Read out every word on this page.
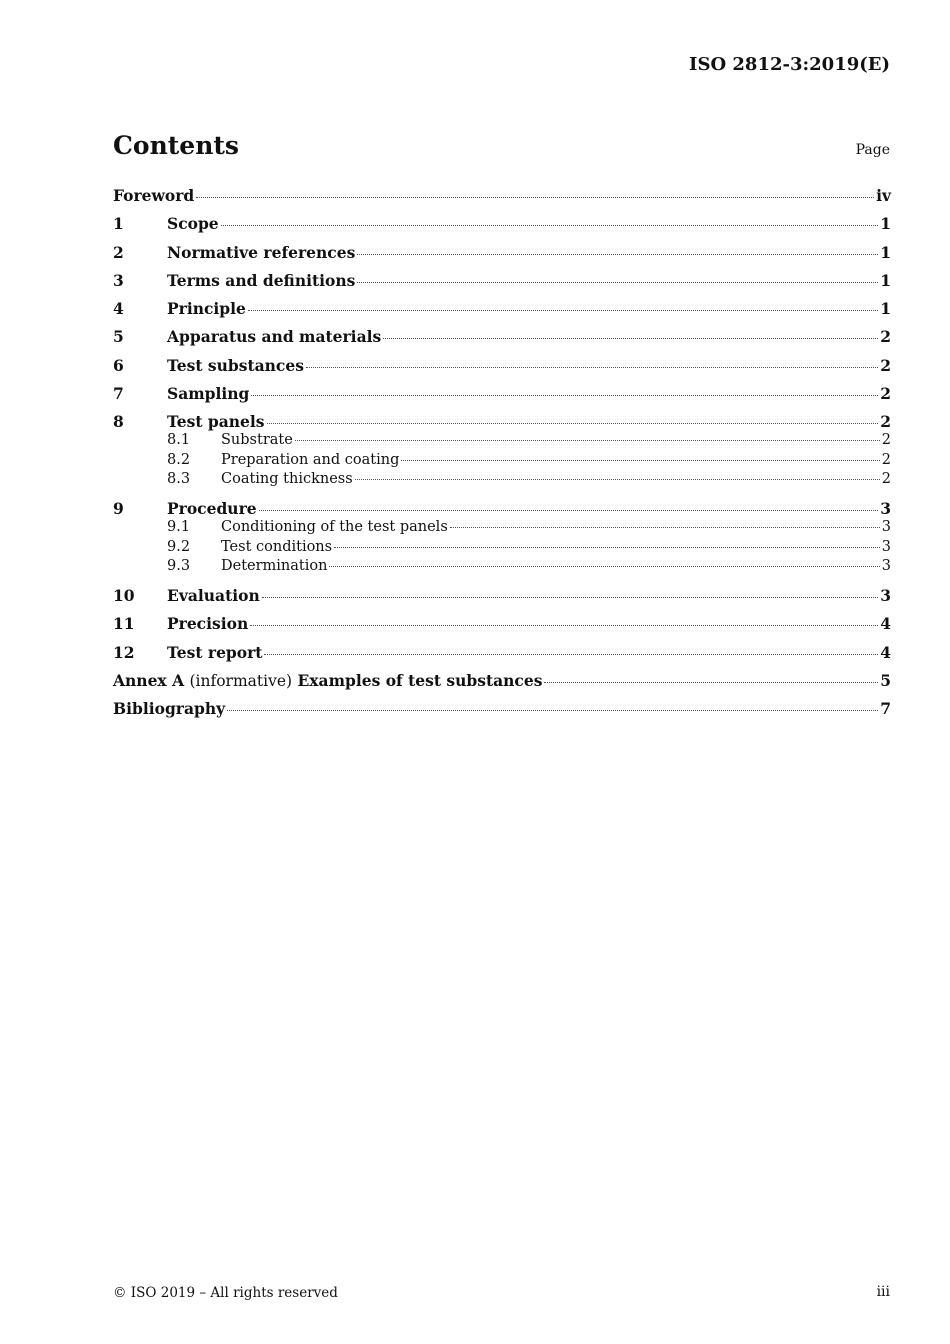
ISO 2812-3:2019(E)
Contents	Page
Foreword	iv
1	Scope	1
2	Normative references	1
3	Terms and definitions	1
4	Principle	1
5	Apparatus and materials	2
6	Test substances	2
7	Sampling	2
8	Test panels	2
8.1	Substrate	2
8.2	Preparation and coating	2
8.3	Coating thickness	2
9	Procedure	3
9.1	Conditioning of the test panels	3
9.2	Test conditions	3
9.3	Determination	3
10	Evaluation	3
11	Precision	4
12	Test report	4
Annex A (informative) Examples of test substances	5
Bibliography	7
© ISO 2019 – All rights reserved	iii
